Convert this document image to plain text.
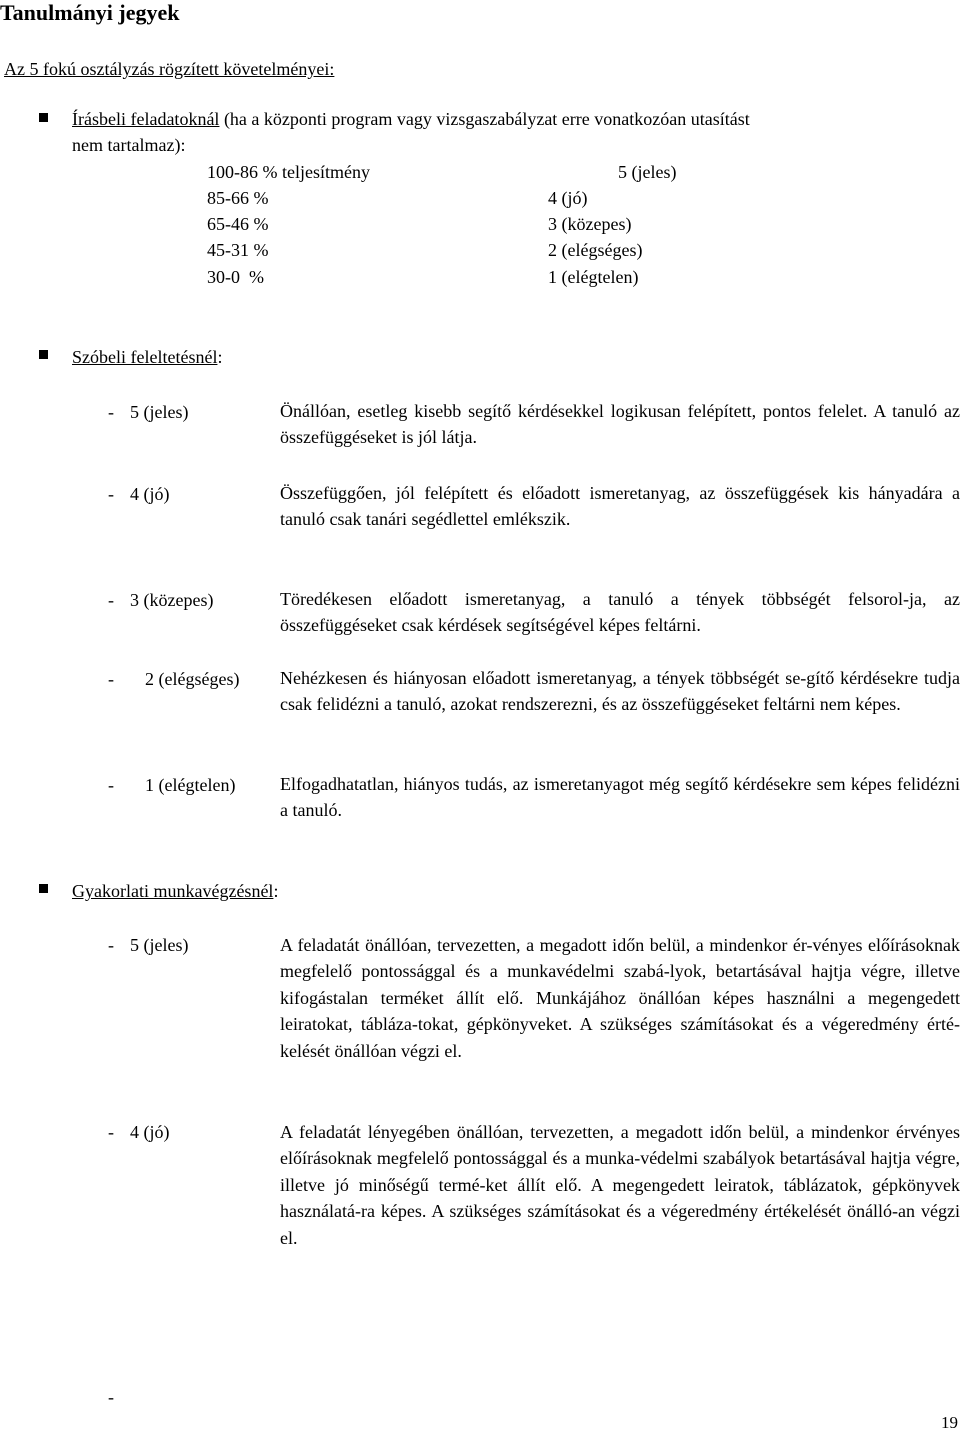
Tanulmányi jegyek
Az 5 fokú osztályzás rögzített követelményei:
Írásbeli feladatoknál (ha a központi program vagy vizsgaszabályzat erre vonatkozóan utasítást
nem tartalmaz):
100-86 % teljesítmény	5 (jeles)
85-66 %	4 (jó)
65-46 %	3 (közepes)
45-31 %	2 (elégséges)
30-0  %	1 (elégtelen)
Szóbeli feleltetésnél:
- 5 (jeles)	Önállóan, esetleg kisebb segítő kérdésekkel logikusan felépített, pontos felelet. A tanuló az összefüggéseket is jól látja.
- 4 (jó)	Összefüggően, jól felépített és előadott ismeretanyag, az összefüggések kis hányadára a tanuló csak tanári segédlettel emlékszik.
- 3 (közepes)	Töredékesen előadott ismeretanyag, a tanuló a tények többségét felsorol-ja, az összefüggéseket csak kérdések segítségével képes feltárni.
- 2 (elégséges) Nehézkesen és hiányosan előadott ismeretanyag, a tények többségét se-gítő kérdésekre tudja csak felidézni a tanuló, azokat rendszerezni, és az összefüggéseket feltárni nem képes.
- 1 (elégtelen) Elfogadhatatlan, hiányos tudás, az ismeretanyagot még segítő kérdésekre sem képes felidézni a tanuló.
Gyakorlati munkavégzésnél:
- 5 (jeles)	A feladatát önállóan, tervezetten, a megadott időn belül, a mindenkor ér-vényes előírásoknak megfelelő pontossággal és a munkavédelmi szabá-lyok, betartásával hajtja végre, illetve kifogástalan terméket állít elő. Munkájához önállóan képes használni a megengedett leiratokat, tábláza-tokat, gépkönyveket. A szükséges számításokat és a végeredmény érté-kelését önállóan végzi el.
- 4 (jó)	A feladatát lényegében önállóan, tervezetten, a megadott időn belül, a mindenkor érvényes előírásoknak megfelelő pontossággal és a munka-védelmi szabályok betartásával hajtja végre, illetve jó minőségű termé-ket állít elő. A megengedett leiratok, táblázatok, gépkönyvek használatá-ra képes. A szükséges számításokat és a végeredmény értékelését önálló-an végzi el.
-
19
